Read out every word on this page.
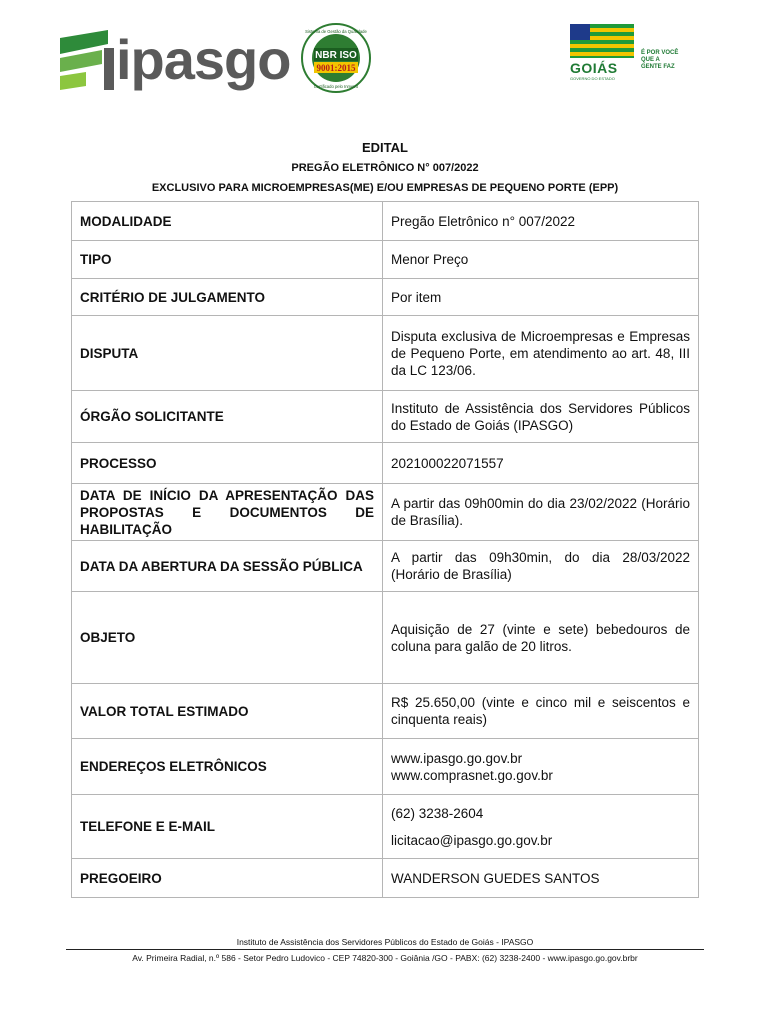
ipasgo NBR ISO
9001:2015
Sistema de Gestão da Qualidade
Certificado pelo Inmetro
GOIÁS
GOVERNO DO ESTADO
É POR VOCÊ QUE A GENTE FAZ
EDITAL
PREGÃO ELETRÔNICO N° 007/2022
EXCLUSIVO PARA MICROEMPRESAS(ME) E/OU EMPRESAS DE PEQUENO PORTE (EPP)
MODALIDADE	Pregão Eletrônico n° 007/2022
TIPO	Menor Preço
CRITÉRIO DE JULGAMENTO	Por item
DISPUTA	Disputa exclusiva de Microempresas e Empresas de Pequeno Porte, em atendimento ao art. 48, III da LC 123/06.
ÓRGÃO SOLICITANTE	Instituto de Assistência dos Servidores Públicos do Estado de Goiás (IPASGO)
PROCESSO	202100022071557
DATA DE INÍCIO DA APRESENTAÇÃO DAS PROPOSTAS E DOCUMENTOS DE HABILITAÇÃO	A partir das 09h00min do dia 23/02/2022 (Horário de Brasília).
DATA DA ABERTURA DA SESSÃO PÚBLICA	A partir das 09h30min, do dia 28/03/2022 (Horário de Brasília)
OBJETO	Aquisição de 27 (vinte e sete) bebedouros de coluna para galão de 20 litros.
VALOR TOTAL ESTIMADO	R$ 25.650,00 (vinte e cinco mil e seiscentos e cinquenta reais)
ENDEREÇOS ELETRÔNICOS	www.ipasgo.go.gov.br
www.comprasnet.go.gov.br

TELEFONE E E-MAIL	(62) 3238-2604
licitacao@ipasgo.go.gov.br

PREGOEIRO	WANDERSON GUEDES SANTOS
Instituto de Assistência dos Servidores Públicos do Estado de Goiás - IPASGO
Av. Primeira Radial, n.º 586 - Setor Pedro Ludovico - CEP 74820-300 - Goiânia /GO - PABX: (62) 3238-2400 - www.ipasgo.go.gov.brbr
